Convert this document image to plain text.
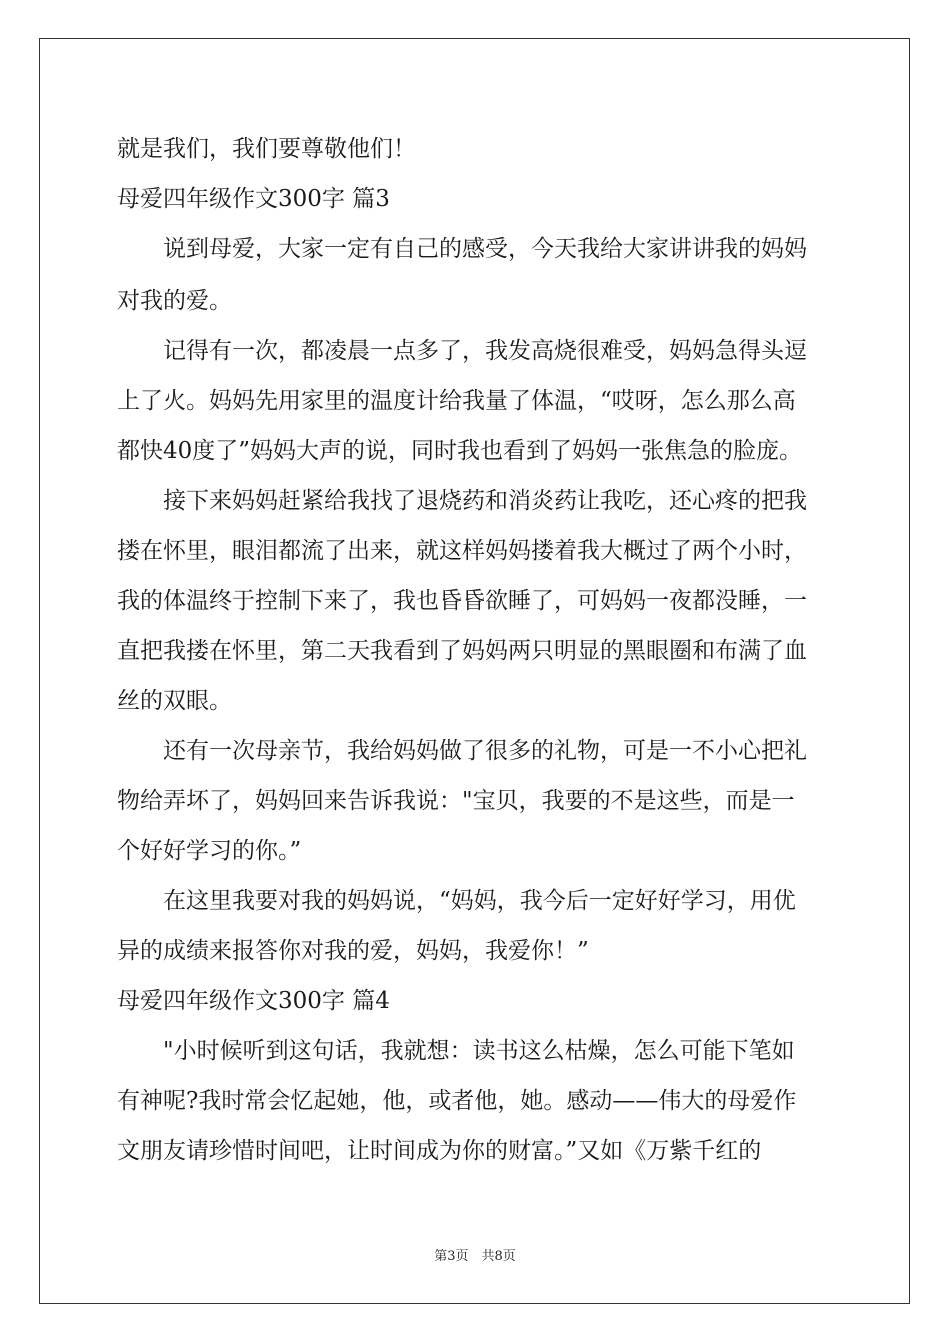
就是我们，我们要尊敬他们！
母爱四年级作文300字 篇3
说到母爱，大家一定有自己的感受，今天我给大家讲讲我的妈妈
对我的爱。
记得有一次，都凌晨一点多了，我发高烧很难受，妈妈急得头逗
上了火。妈妈先用家里的温度计给我量了体温，“哎呀，怎么那么高
都快40度了”妈妈大声的说，同时我也看到了妈妈一张焦急的脸庞。
接下来妈妈赶紧给我找了退烧药和消炎药让我吃，还心疼的把我
搂在怀里，眼泪都流了出来，就这样妈妈搂着我大概过了两个小时，
我的体温终于控制下来了，我也昏昏欲睡了，可妈妈一夜都没睡，一
直把我搂在怀里，第二天我看到了妈妈两只明显的黑眼圈和布满了血
丝的双眼。
还有一次母亲节，我给妈妈做了很多的礼物，可是一不小心把礼
物给弄坏了，妈妈回来告诉我说："宝贝，我要的不是这些，而是一
个好好学习的你。”
在这里我要对我的妈妈说，“妈妈，我今后一定好好学习，用优
异的成绩来报答你对我的爱，妈妈，我爱你！”
母爱四年级作文300字 篇4
"小时候听到这句话，我就想：读书这么枯燥，怎么可能下笔如
有神呢?我时常会忆起她，他，或者他，她。感动——伟大的母爱作
文朋友请珍惜时间吧，让时间成为你的财富。”又如《万紫千红的
第3页　共8页
